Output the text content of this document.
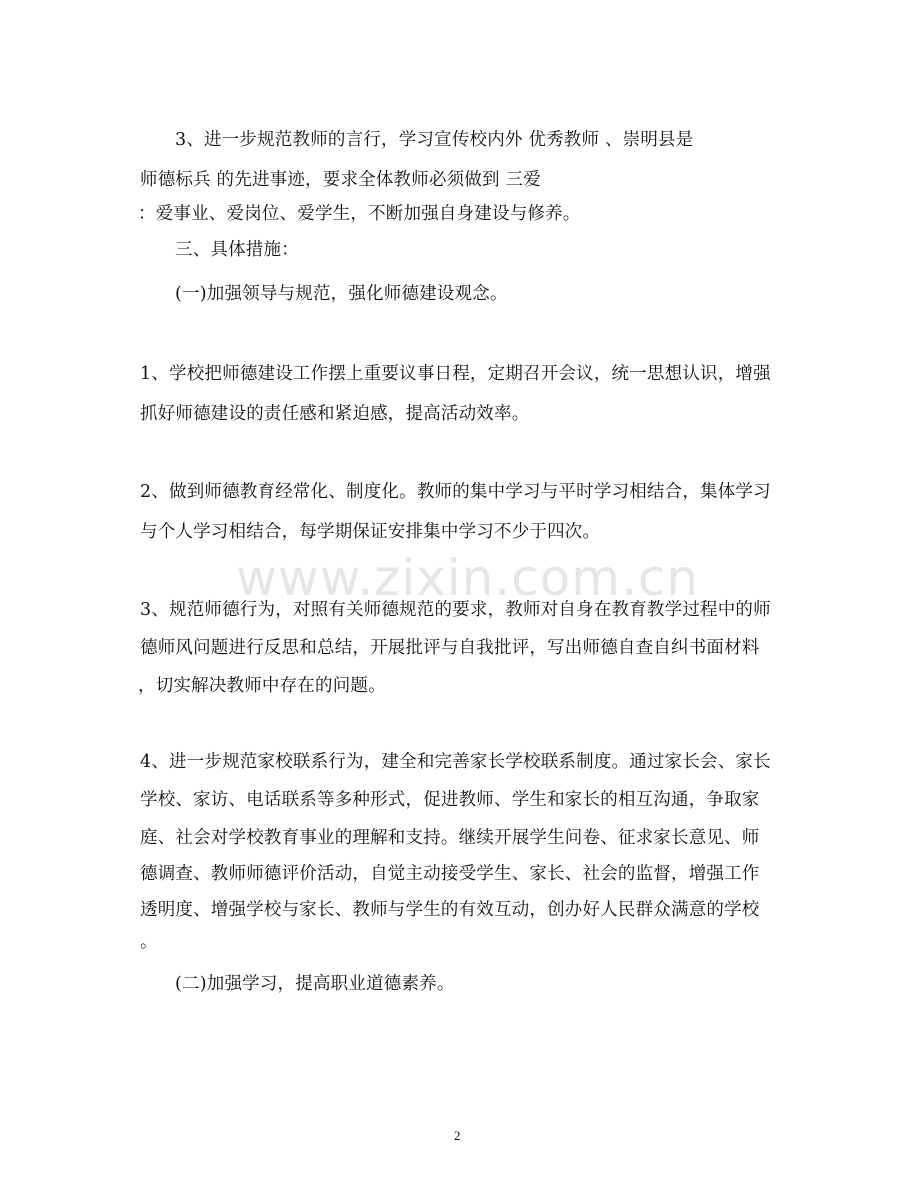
www.zixin.com.cn
3、进一步规范教师的言行，学习宣传校内外 优秀教师 、崇明县是
师德标兵 的先进事迹，要求全体教师必须做到 三爱
：爱事业、爱岗位、爱学生，不断加强自身建设与修养。
三、具体措施：
(一)加强领导与规范，强化师德建设观念。
1、学校把师德建设工作摆上重要议事日程，定期召开会议，统一思想认识，增强
抓好师德建设的责任感和紧迫感，提高活动效率。
2、做到师德教育经常化、制度化。教师的集中学习与平时学习相结合，集体学习
与个人学习相结合，每学期保证安排集中学习不少于四次。
3、规范师德行为，对照有关师德规范的要求，教师对自身在教育教学过程中的师
德师风问题进行反思和总结，开展批评与自我批评，写出师德自查自纠书面材料
，切实解决教师中存在的问题。
4、进一步规范家校联系行为，建全和完善家长学校联系制度。通过家长会、家长
学校、家访、电话联系等多种形式，促进教师、学生和家长的相互沟通，争取家
庭、社会对学校教育事业的理解和支持。继续开展学生问卷、征求家长意见、师
德调查、教师师德评价活动，自觉主动接受学生、家长、社会的监督，增强工作
透明度、增强学校与家长、教师与学生的有效互动，创办好人民群众满意的学校
。
(二)加强学习，提高职业道德素养。
2
